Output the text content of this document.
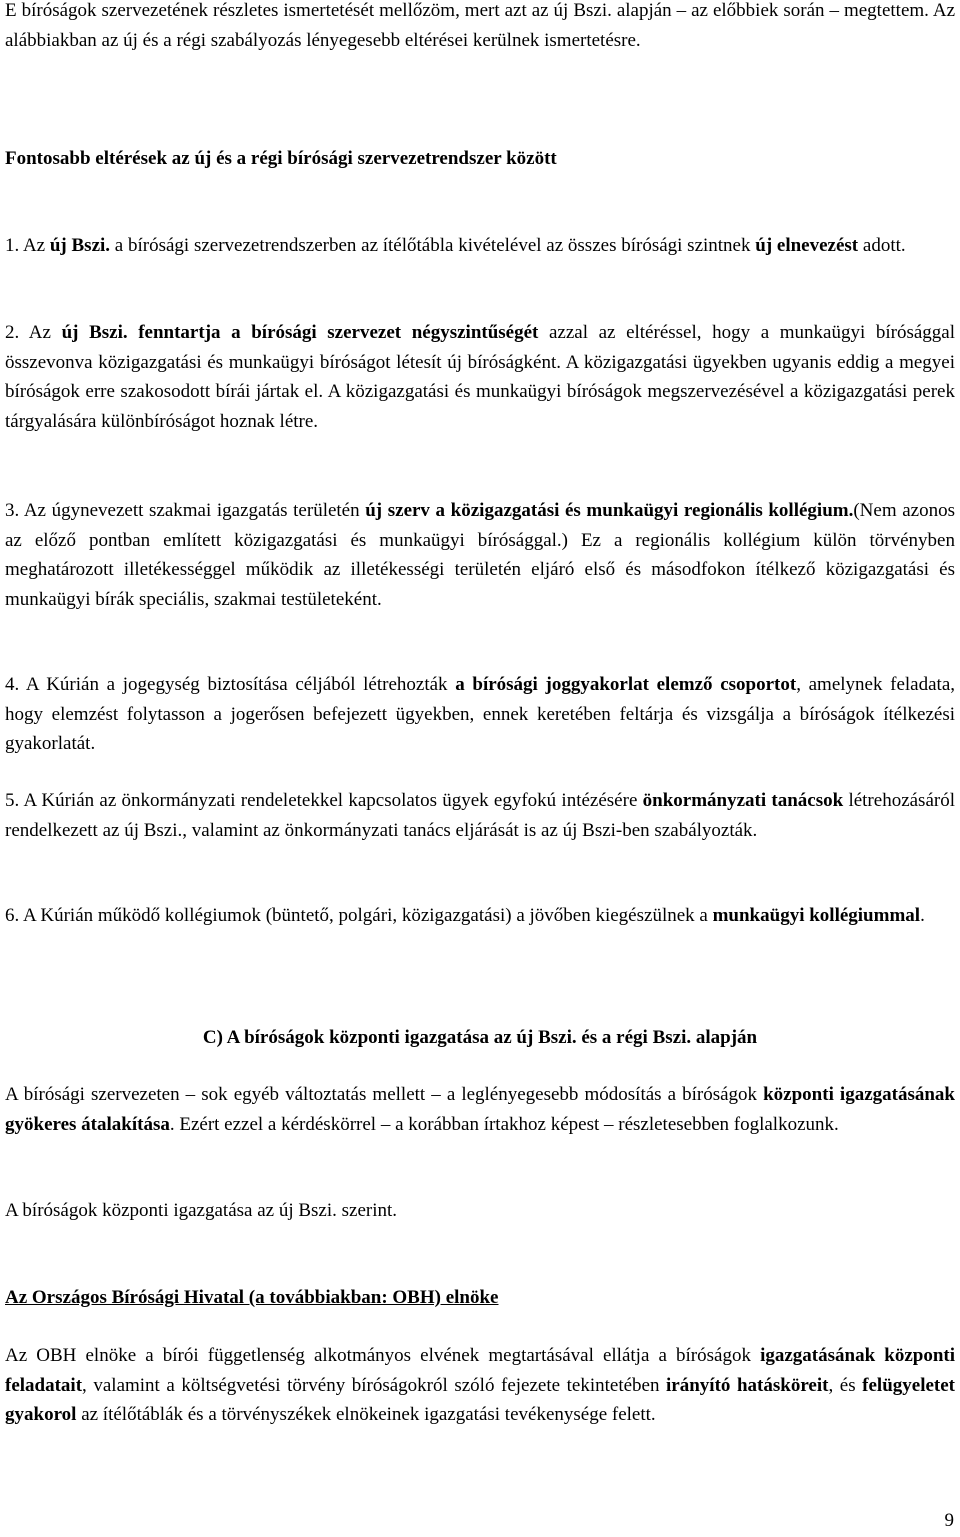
E bíróságok szervezetének részletes ismertetését mellőzöm, mert azt az új Bszi. alapján – az előbbiek során – megtettem. Az alábbiakban az új és a régi szabályozás lényegesebb eltérései kerülnek ismertetésre.

Fontosabb eltérések az új és a régi bírósági szervezetrendszer között

1. Az új Bszi. a bírósági szervezetrendszerben az ítélőtábla kivételével az összes bírósági szintnek új elnevezést adott.

2. Az új Bszi. fenntartja a bírósági szervezet négyszintűségét azzal az eltéréssel, hogy a munkaügyi bírósággal összevonva közigazgatási és munkaügyi bíróságot létesít új bíróságként. A közigazgatási ügyekben ugyanis eddig a megyei bíróságok erre szakosodott bírái jártak el. A közigazgatási és munkaügyi bíróságok megszervezésével a közigazgatási perek tárgyalására különbíróságot hoznak létre.

3. Az úgynevezett szakmai igazgatás területén új szerv a közigazgatási és munkaügyi regionális kollégium.(Nem azonos az előző pontban említett közigazgatási és munkaügyi bírósággal.) Ez a regionális kollégium külön törvényben meghatározott illetékességgel működik az illetékességi területén eljáró első és másodfokon ítélkező közigazgatási és munkaügyi bírák speciális, szakmai testületeként.

4. A Kúrián a jogegység biztosítása céljából létrehozták a bírósági joggyakorlat elemző csoportot, amelynek feladata, hogy elemzést folytasson a jogerősen befejezett ügyekben, ennek keretében feltárja és vizsgálja a bíróságok ítélkezési gyakorlatát.

5. A Kúrián az önkormányzati rendeletekkel kapcsolatos ügyek egyfokú intézésére önkormányzati tanácsok létrehozásáról rendelkezett az új Bszi., valamint az önkormányzati tanács eljárását is az új Bszi-ben szabályozták.

6. A Kúrián működő kollégiumok (büntető, polgári, közigazgatási) a jövőben kiegészülnek a munkaügyi kollégiummal.

C) A bíróságok központi igazgatása az új Bszi. és a régi Bszi. alapján

A bírósági szervezeten – sok egyéb változtatás mellett – a leglényegesebb módosítás a bíróságok központi igazgatásának gyökeres átalakítása. Ezért ezzel a kérdéskörrel – a korábban írtakhoz képest – részletesebben foglalkozunk.

A bíróságok központi igazgatása az új Bszi. szerint.

Az Országos Bírósági Hivatal (a továbbiakban: OBH) elnöke

Az OBH elnöke a bírói függetlenség alkotmányos elvének megtartásával ellátja a bíróságok igazgatásának központi feladatait, valamint a költségvetési törvény bíróságokról szóló fejezete tekintetében irányító hatásköreit, és felügyeletet gyakorol az ítélőtáblák és a törvényszékek elnökeinek igazgatási tevékenysége felett.

9
